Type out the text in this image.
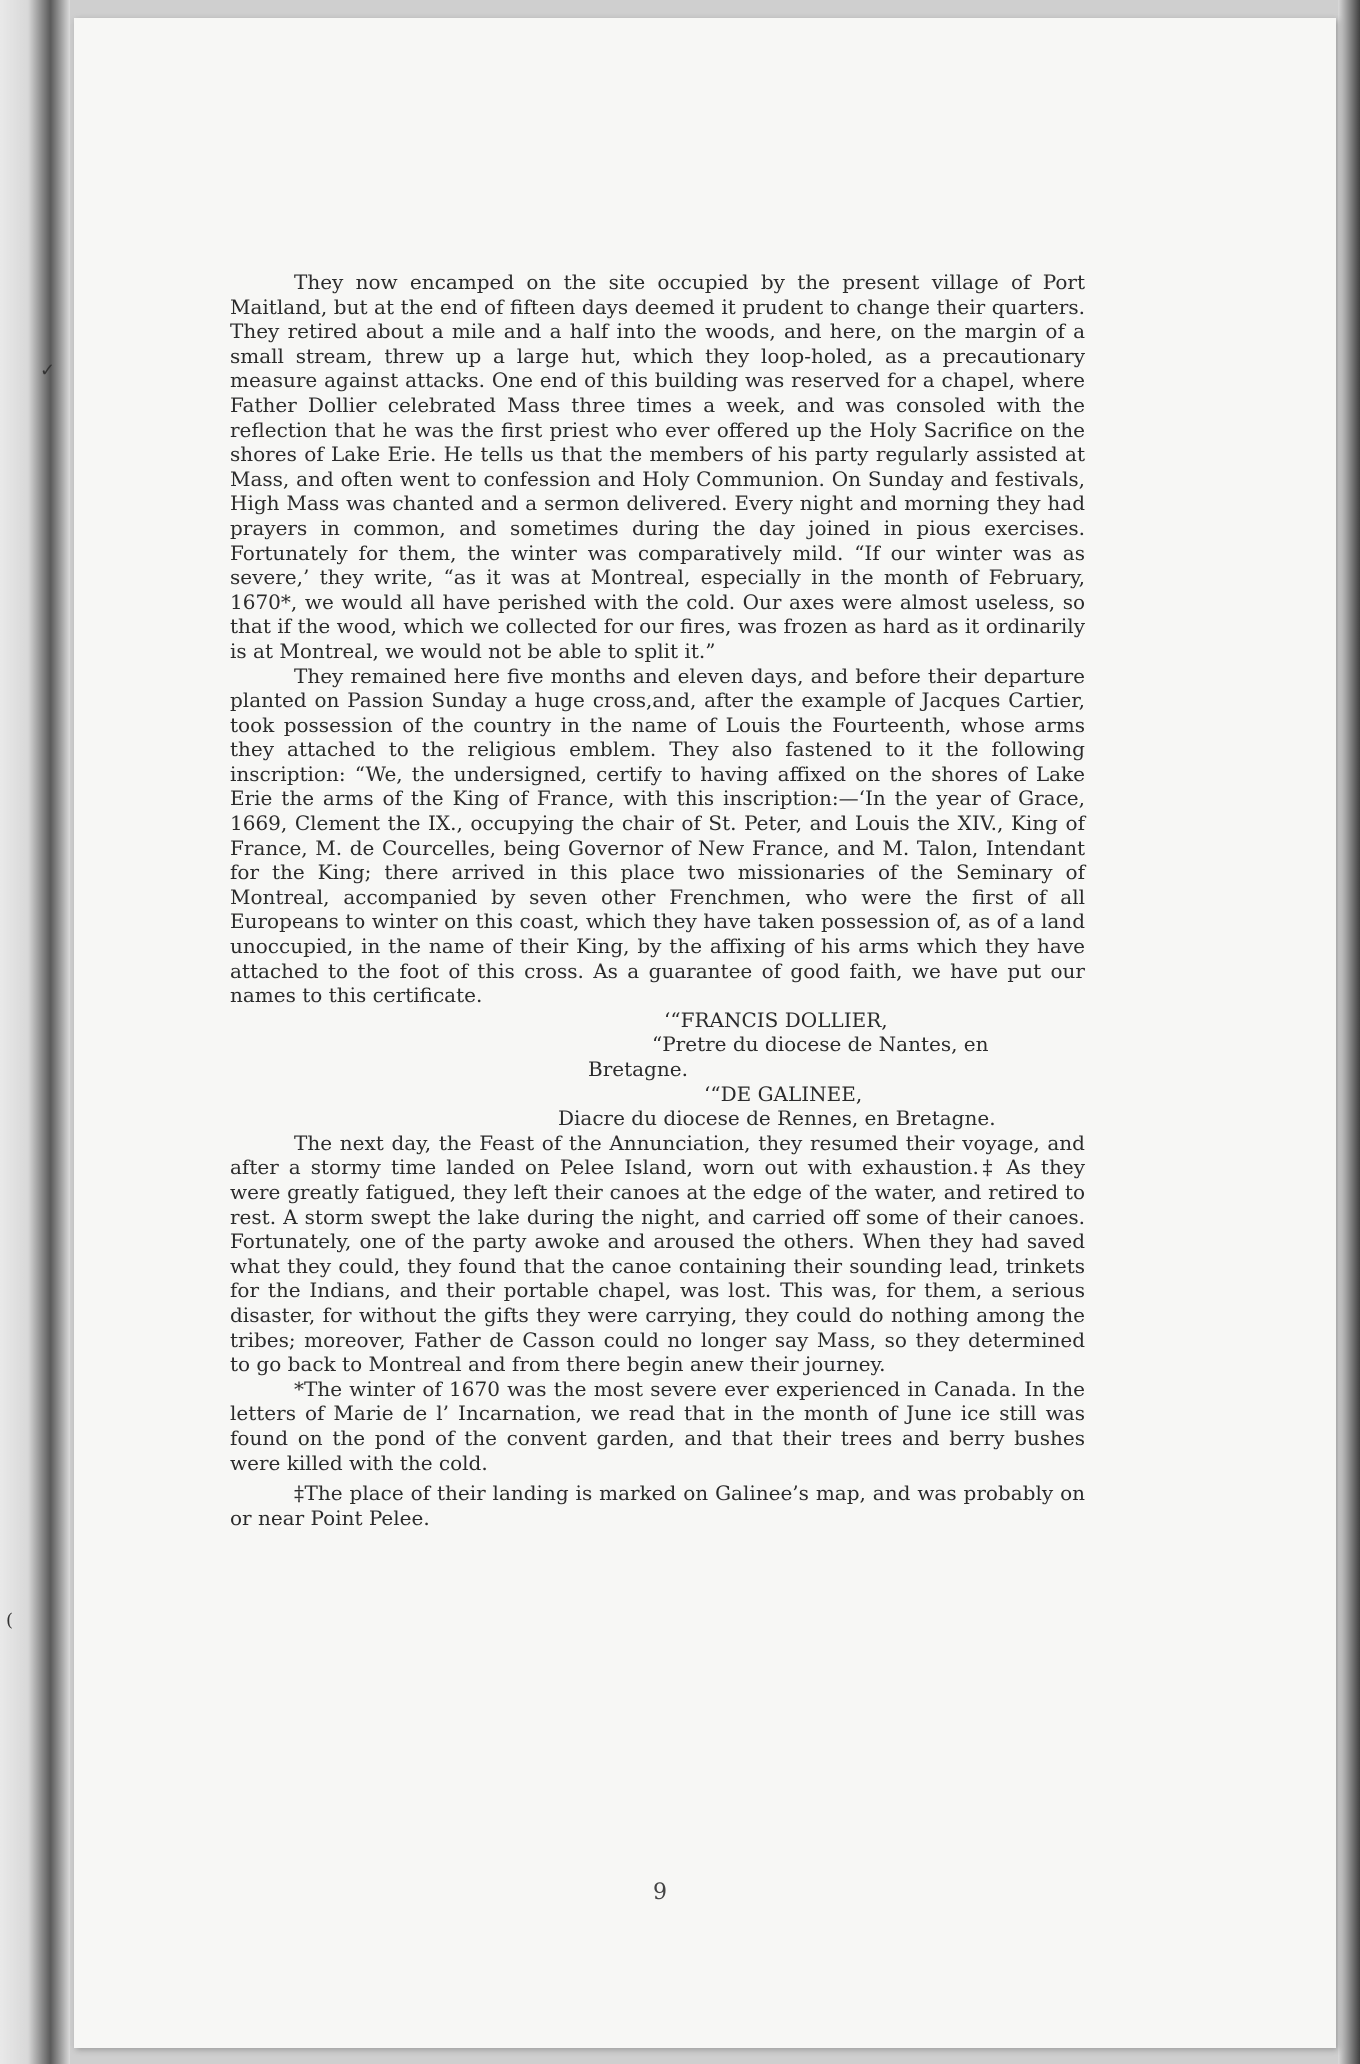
✓
(

They now encamped on the site occupied by the present village of Port Maitland, but at the end of fifteen days deemed it prudent to change their quarters. They retired about a mile and a half into the woods, and here, on the margin of a small stream, threw up a large hut, which they loop-holed, as a precautionary measure against attacks. One end of this building was reserved for a chapel, where Father Dollier celebrated Mass three times a week, and was consoled with the reflection that he was the first priest who ever offered up the Holy Sacrifice on the shores of Lake Erie. He tells us that the members of his party regularly assisted at Mass, and often went to confession and Holy Communion. On Sunday and festivals, High Mass was chanted and a sermon delivered. Every night and morning they had prayers in common, and sometimes during the day joined in pious exercises. Fortunately for them, the winter was comparatively mild. “If our winter was as severe,’ they write, “as it was at Montreal, especially in the month of February, 1670*, we would all have perished with the cold. Our axes were almost useless, so that if the wood, which we collected for our fires, was frozen as hard as it ordinarily is at Montreal, we would not be able to split it.”

They remained here five months and eleven days, and before their departure planted on Passion Sunday a huge cross,and, after the example of Jacques Cartier, took possession of the country in the name of Louis the Fourteenth, whose arms they attached to the religious emblem. They also fastened to it the following inscription: “We, the undersigned, certify to having affixed on the shores of Lake Erie the arms of the King of France, with this inscription:—‘In the year of Grace, 1669, Clement the IX., occupying the chair of St. Peter, and Louis the XIV., King of France, M. de Courcelles, being Governor of New France, and M. Talon, Intendant for the King; there arrived in this place two missionaries of the Seminary of Montreal, accompanied by seven other Frenchmen, who were the first of all Europeans to winter on this coast, which they have taken possession of, as of a land unoccupied, in the name of their King, by the affixing of his arms which they have attached to the foot of this cross. As a guarantee of good faith, we have put our names to this certificate.

‘“FRANCIS DOLLIER,

“Pretre du diocese de Nantes, en Bretagne.

‘“DE GALINEE,

Diacre du diocese de Rennes, en Bretagne.

The next day, the Feast of the Annunciation, they resumed their voyage, and after a stormy time landed on Pelee Island, worn out with exhaustion.‡ As they were greatly fatigued, they left their canoes at the edge of the water, and retired to rest. A storm swept the lake during the night, and carried off some of their canoes. Fortunately, one of the party awoke and aroused the others. When they had saved what they could, they found that the canoe containing their sounding lead, trinkets for the Indians, and their portable chapel, was lost. This was, for them, a serious disaster, for without the gifts they were carrying, they could do nothing among the tribes; moreover, Father de Casson could no longer say Mass, so they determined to go back to Montreal and from there begin anew their journey.

*The winter of 1670 was the most severe ever experienced in Canada. In the letters of Marie de l’ Incarnation, we read that in the month of June ice still was found on the pond of the convent garden, and that their trees and berry bushes were killed with the cold.

‡The place of their landing is marked on Galinee’s map, and was probably on or near Point Pelee.

9
